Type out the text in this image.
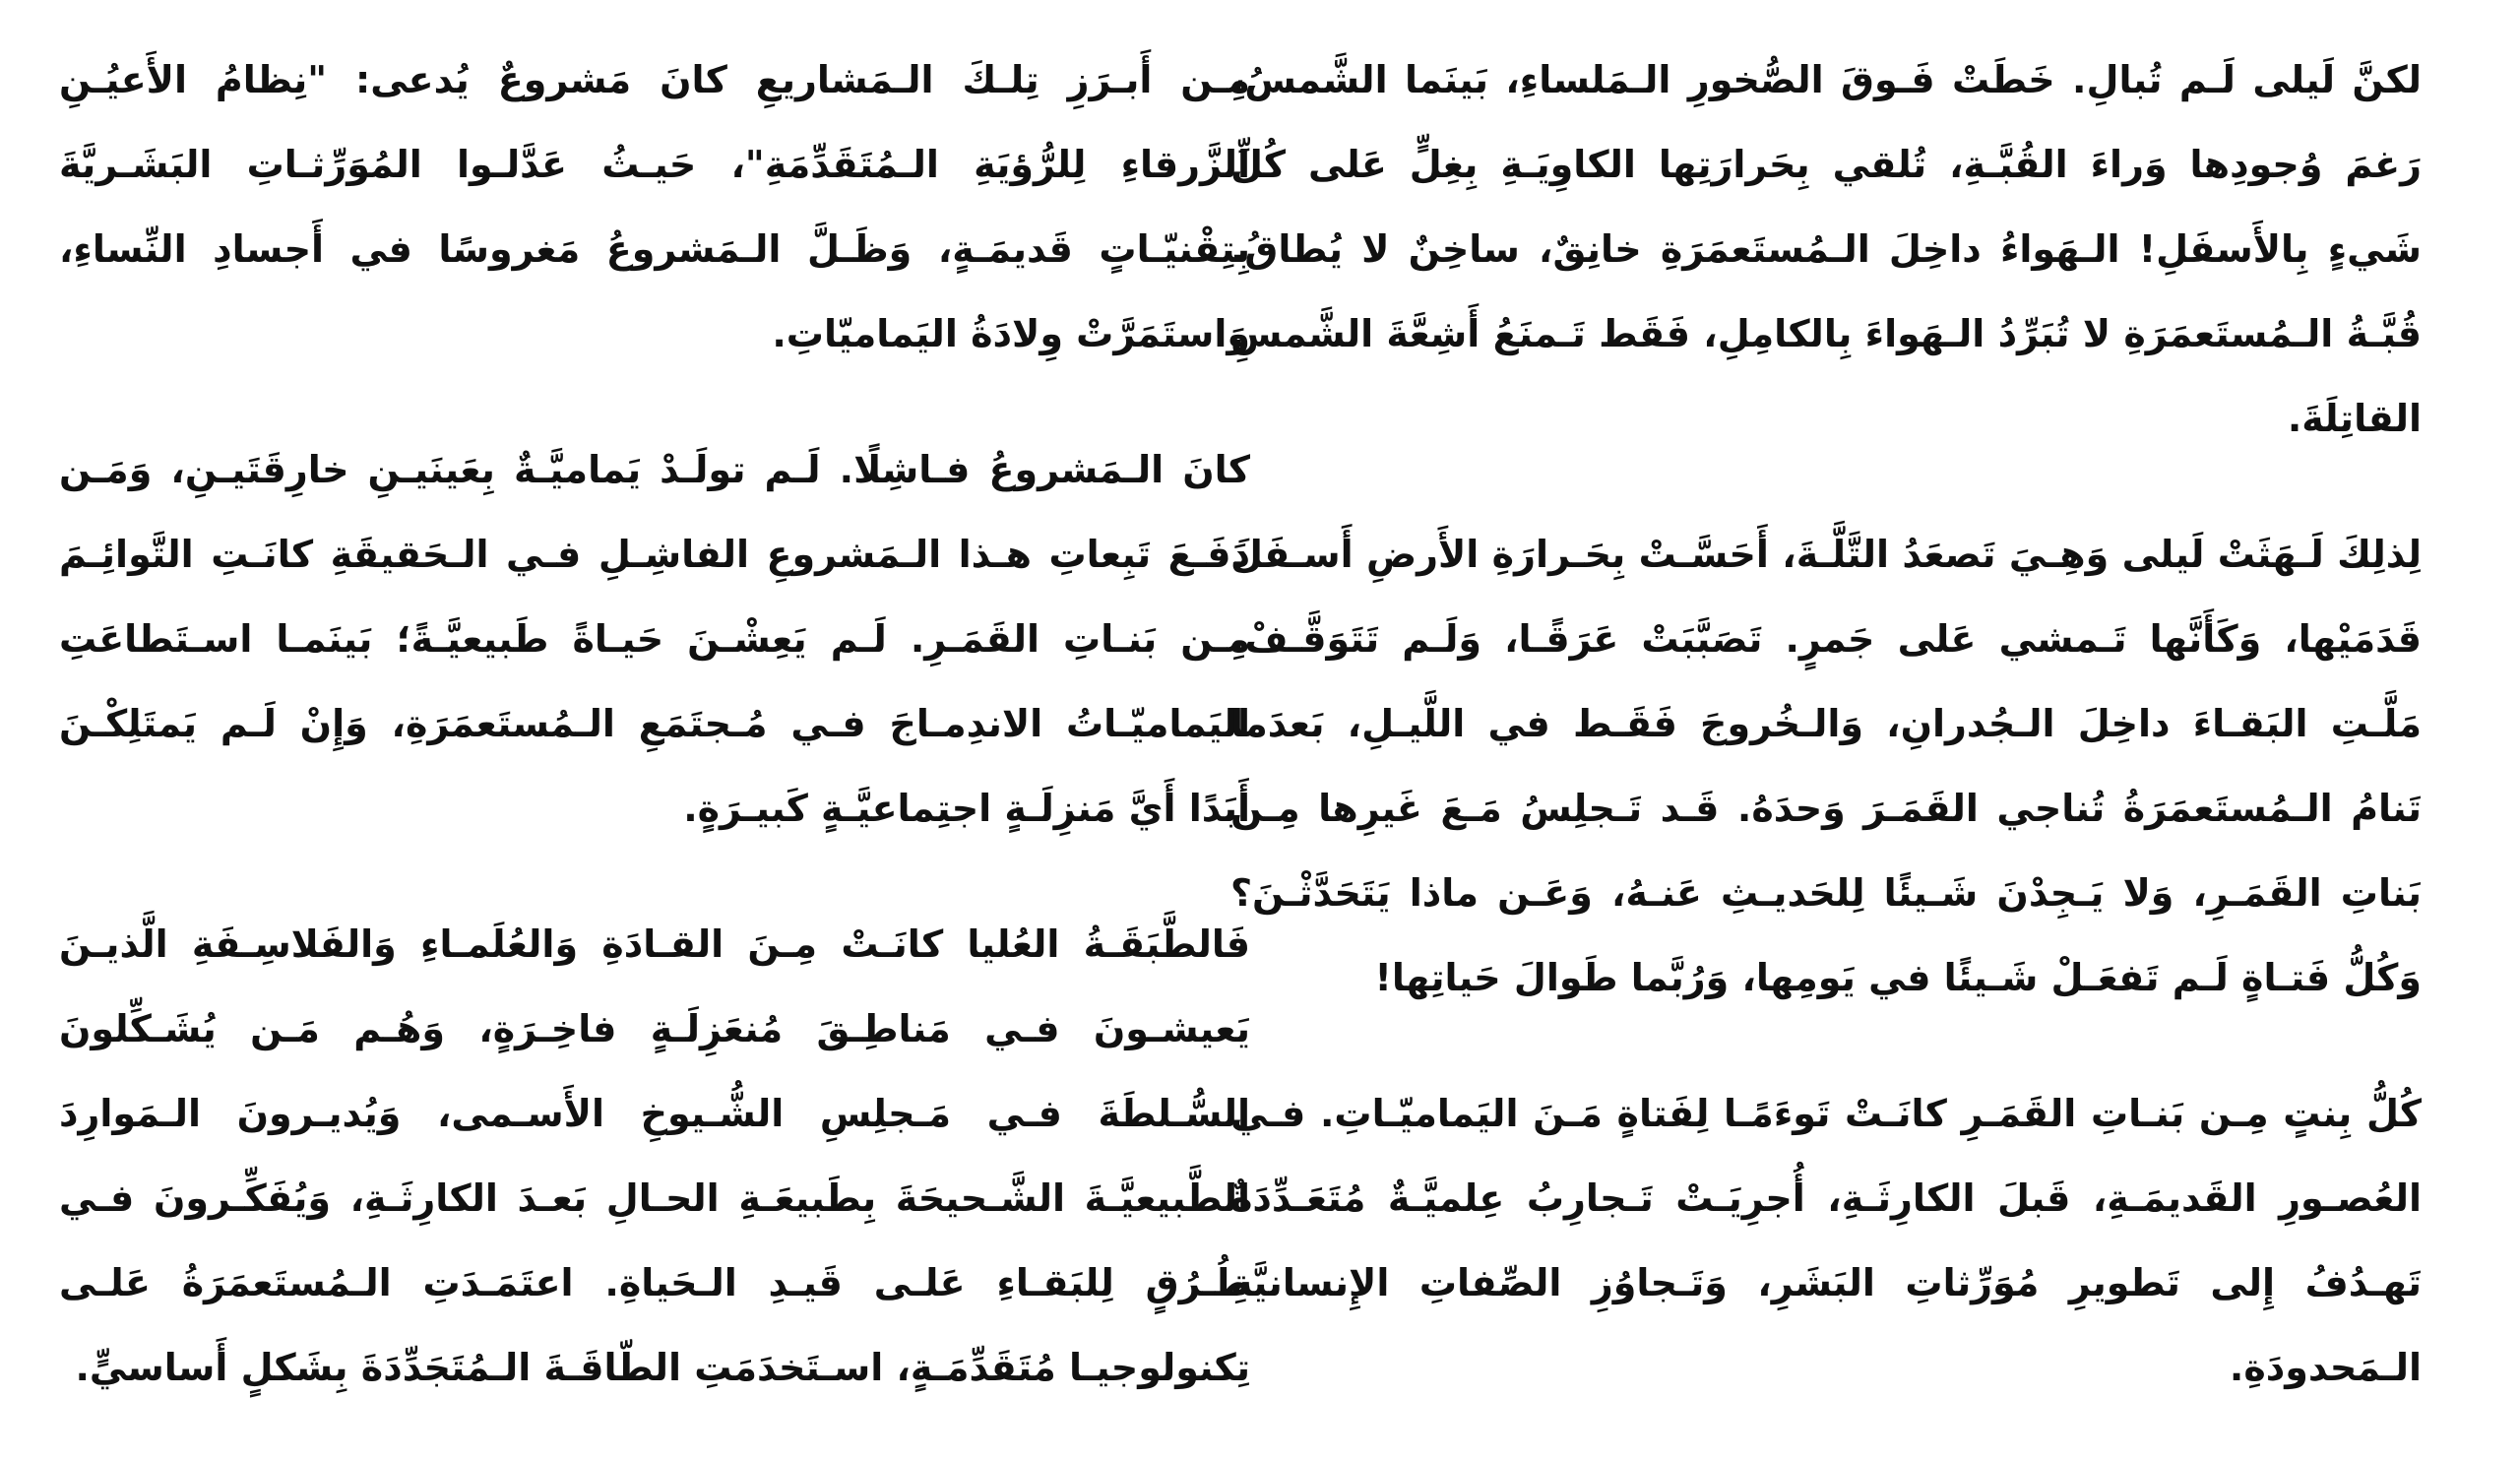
لكنَّ لَيلى لَـم تُبالِ. خَطَتْ فَـوقَ الصُّخورِ الـمَلساءِ، بَينَما الشَّمسُ، رَغمَ وُجودِها وَراءَ القُبَّـةِ، تُلقي بِحَرارَتِها الكاوِيَـةِ بِغِلٍّ عَلى كُلِّ شَيءٍ بِالأَسفَلِ! الـهَواءُ داخِلَ الـمُستَعمَرَةِ خانِقٌ، ساخِنٌ لا يُطاقُ. قُبَّـةُ الـمُستَعمَرَةِ لا تُبَرِّدُ الـهَواءَ بِالكامِلِ، فَقَط تَـمنَعُ أَشِعَّةَ الشَّمسِ القاتِلَةَ.

لِذلِكَ لَـهَثَتْ لَيلى وَهِـيَ تَصعَدُ التَّلَّـةَ، أَحَسَّـتْ بِحَـرارَةِ الأَرضِ أَسـفَلَ قَدَمَيْها، وَكَأَنَّها تَـمشي عَلى جَمرٍ. تَصَبَّبَتْ عَرَقًـا، وَلَـم تَتَوَقَّـفْ. مَلَّـتِ البَقـاءَ داخِلَ الـجُدرانِ، وَالـخُروجَ فَقَـط في اللَّيـلِ، بَعدَما تَنامُ الـمُستَعمَرَةُ تُناجي القَمَـرَ وَحدَهُ. قَـد تَـجلِسُ مَـعَ غَيرِها مِـن بَناتِ القَمَـرِ، وَلا يَـجِدْنَ شَـيئًا لِلحَديـثِ عَنـهُ، وَعَـن ماذا يَتَحَدَّثْـنَ؟ وَكُلُّ فَتـاةٍ لَـم تَفعَـلْ شَـيئًا في يَومِها، وَرُبَّما طَوالَ حَياتِها!

كُلُّ بِنتٍ مِـن بَنـاتِ القَمَـرِ كانَـتْ تَوءَمًـا لِفَتاةٍ مَـنَ اليَماميّـاتِ. فـي العُصـورِ القَديمَـةِ، قَبلَ الكارِثَـةِ، أُجرِيَـتْ تَـجارِبُ عِلميَّـةٌ مُتَعَـدِّدَةٌ تَهـدُفُ إِلى تَطويرِ مُوَرِّثاتِ البَشَرِ، وَتَـجاوُزِ الصِّفاتِ الإِنسانيَّةِ الـمَحدودَةِ.

مِـن أَبـرَزِ تِلـكَ الـمَشاريعِ كانَ مَشروعٌ يُدعى: "نِظامُ الأَعيُـنِ الزَّرقاءِ لِلرُّؤيَةِ الـمُتَقَدِّمَةِ"، حَيـثُ عَدَّلـوا المُوَرِّثـاتِ البَشَـريَّةَ بِتِقْنيّـاتٍ قَديمَـةٍ، وَظَـلَّ الـمَشروعُ مَغروسًا في أَجسادِ النِّساءِ، وَاستَمَرَّتْ وِلادَةُ اليَماميّاتِ.

كانَ الـمَشروعُ فـاشِلًا. لَـم تولَـدْ يَماميَّـةٌ بِعَينَيـنِ خارِقَتَيـنِ، وَمَـن دَفَـعَ تَبِعاتِ هـذا الـمَشروعِ الفاشِـلِ فـي الـحَقيقَةِ كانَـتِ التَّوائِـمَ مِـن بَنـاتِ القَمَـرِ. لَـم يَعِشْـنَ حَيـاةً طَبيعيَّـةً؛ بَينَمـا اسـتَطاعَتِ اليَماميّـاتُ الاندِمـاجَ فـي مُـجتَمَعِ الـمُستَعمَرَةِ، وَإِنْ لَـم يَمتَلِكْـنَ أَبَدًا أَيَّ مَنزِلَـةٍ اجتِماعيَّـةٍ كَبيـرَةٍ.

فَالطَّبَقَـةُ العُليا كانَـتْ مِـنَ القـادَةِ وَالعُلَمـاءِ وَالفَلاسِـفَةِ الَّذيـنَ يَعيشـونَ فـي مَناطِـقَ مُنعَزِلَـةٍ فاخِـرَةٍ، وَهُـم مَـن يُشَـكِّلونَ السُّـلطَةَ فـي مَـجلِسِ الشُّـيوخِ الأَسـمى، وَيُديـرونَ الـمَوارِدَ الطَّبيعيَّـةَ الشَّـحيحَةَ بِطَبيعَـةِ الحـالِ بَعـدَ الكارِثَـةِ، وَيُفَكِّـرونَ فـي طُـرُقٍ لِلبَقـاءِ عَلـى قَيـدِ الـحَياةِ. اعتَمَـدَتِ الـمُستَعمَرَةُ عَلـى تِكنولوجيـا مُتَقَدِّمَـةٍ، اسـتَخدَمَتِ الطّاقَـةَ الـمُتَجَدِّدَةَ بِشَكلٍ أَساسيٍّ.
